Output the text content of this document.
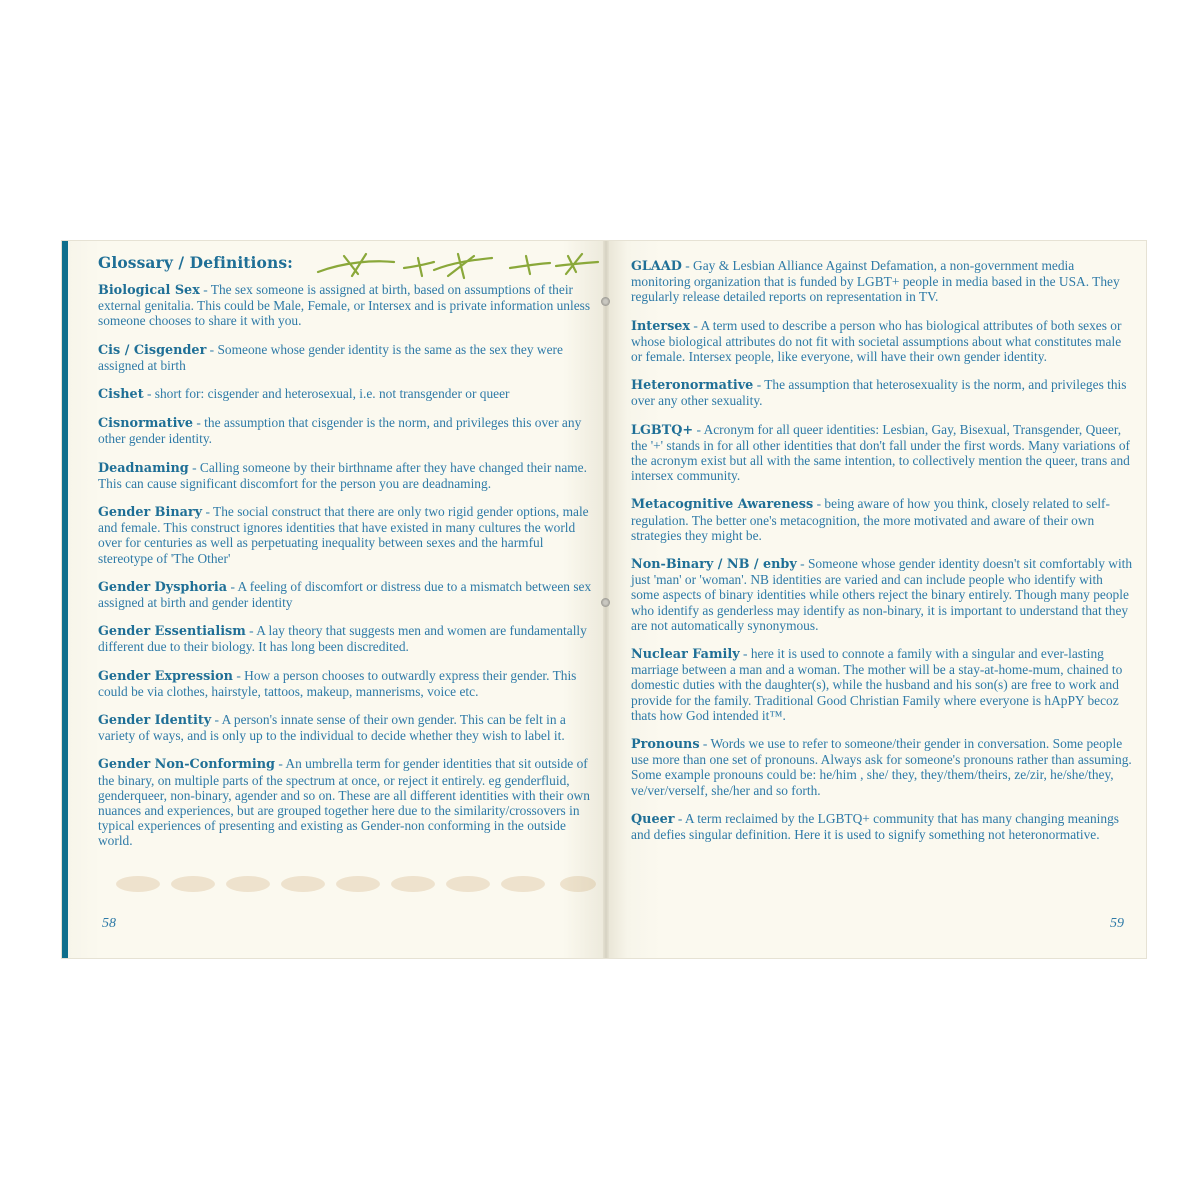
Glossary / Definitions:
Biological Sex - The sex someone is assigned at birth, based on assumptions of their external genitalia. This could be Male, Female, or Intersex and is private information unless someone chooses to share it with you.
Cis / Cisgender - Someone whose gender identity is the same as the sex they were assigned at birth
Cishet - short for: cisgender and heterosexual, i.e. not transgender or queer
Cisnormative - the assumption that cisgender is the norm, and privileges this over any other gender identity.
Deadnaming - Calling someone by their birthname after they have changed their name. This can cause significant discomfort for the person you are deadnaming.
Gender Binary - The social construct that there are only two rigid gender options, male and female. This construct ignores identities that have existed in many cultures the world over for centuries as well as perpetuating inequality between sexes and the harmful stereotype of 'The Other'
Gender Dysphoria - A feeling of discomfort or distress due to a mismatch between sex assigned at birth and gender identity
Gender Essentialism - A lay theory that suggests men and women are fundamentally different due to their biology. It has long been discredited.
Gender Expression - How a person chooses to outwardly express their gender. This could be via clothes, hairstyle, tattoos, makeup, mannerisms, voice etc.
Gender Identity - A person's innate sense of their own gender. This can be felt in a variety of ways, and is only up to the individual to decide whether they wish to label it.
Gender Non-Conforming - An umbrella term for gender identities that sit outside of the binary, on multiple parts of the spectrum at once, or reject it entirely. eg genderfluid, genderqueer, non-binary, agender and so on. These are all different identities with their own nuances and experiences, but are grouped together here due to the similarity/crossovers in typical experiences of presenting and existing as Gender-non conforming in the outside world.
58
GLAAD - Gay & Lesbian Alliance Against Defamation, a non-government media monitoring organization that is funded by LGBT+ people in media based in the USA. They regularly release detailed reports on representation in TV.
Intersex - A term used to describe a person who has biological attributes of both sexes or whose biological attributes do not fit with societal assumptions about what constitutes male or female. Intersex people, like everyone, will have their own gender identity.
Heteronormative - The assumption that heterosexuality is the norm, and privileges this over any other sexuality.
LGBTQ+ - Acronym for all queer identities: Lesbian, Gay, Bisexual, Transgender, Queer, the '+' stands in for all other identities that don't fall under the first words. Many variations of the acronym exist but all with the same intention, to collectively mention the queer, trans and intersex community.
Metacognitive Awareness - being aware of how you think, closely related to self-regulation. The better one's metacognition, the more motivated and aware of their own strategies they might be.
Non-Binary / NB / enby - Someone whose gender identity doesn't sit comfortably with just 'man' or 'woman'. NB identities are varied and can include people who identify with some aspects of binary identities while others reject the binary entirely. Though many people who identify as genderless may identify as non-binary, it is important to understand that they are not automatically synonymous.
Nuclear Family - here it is used to connote a family with a singular and ever-lasting marriage between a man and a woman. The mother will be a stay-at-home-mum, chained to domestic duties with the daughter(s), while the husband and his son(s) are free to work and provide for the family. Traditional Good Christian Family where everyone is hApPY becoz thats how God intended it™.
Pronouns - Words we use to refer to someone/their gender in conversation. Some people use more than one set of pronouns. Always ask for someone's pronouns rather than assuming. Some example pronouns could be: he/him , she/ they, they/them/theirs, ze/zir, he/she/they, ve/ver/verself, she/her and so forth.
Queer - A term reclaimed by the LGBTQ+ community that has many changing meanings and defies singular definition. Here it is used to signify something not heteronormative.
59
